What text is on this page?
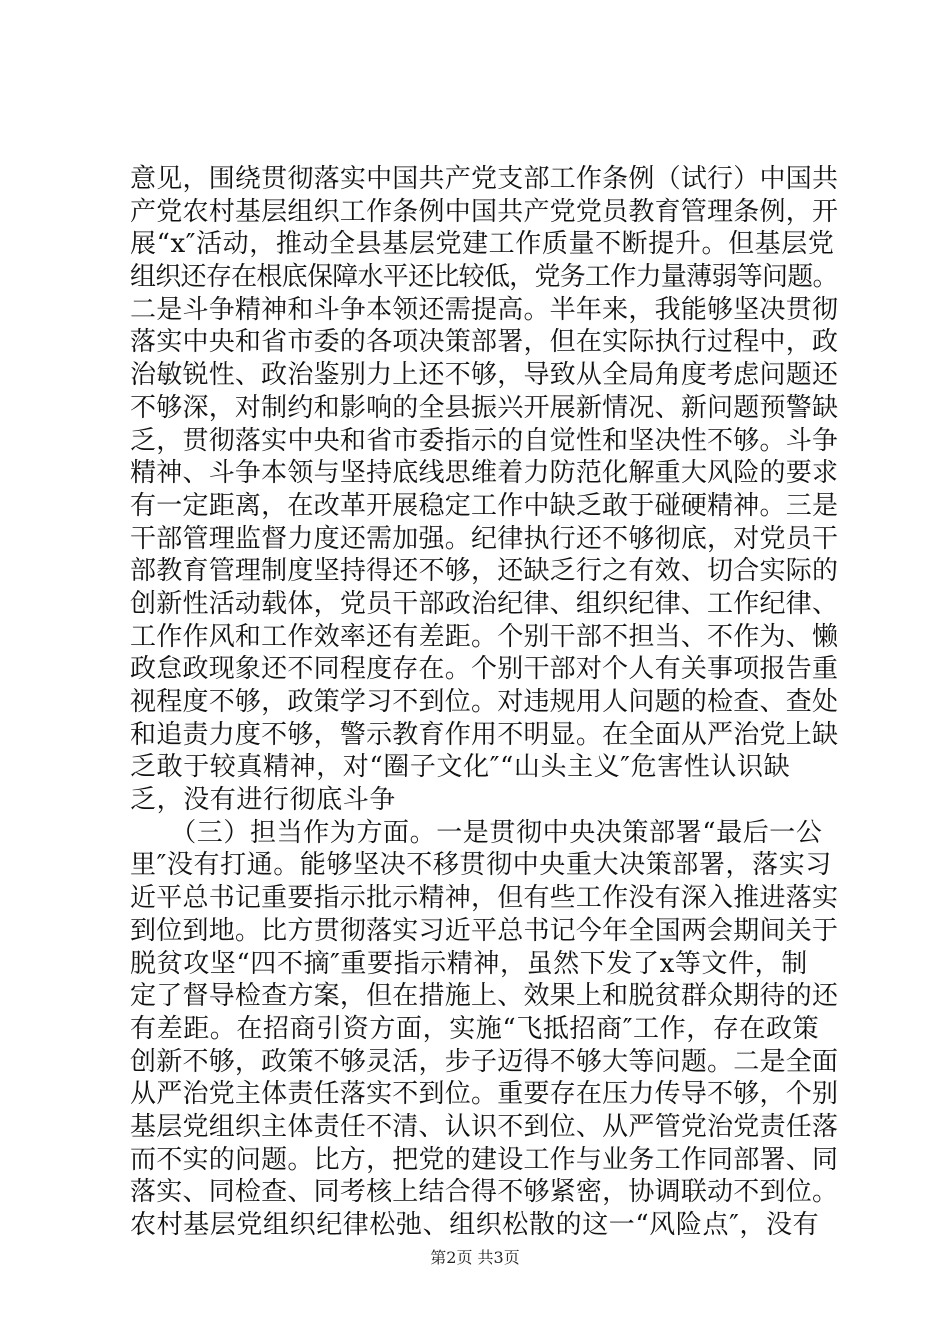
意见，围绕贯彻落实中国共产党支部工作条例（试行）中国共
产党农村基层组织工作条例中国共产党党员教育管理条例，开
展“x″活动，推动全县基层党建工作质量不断提升。但基层党
组织还存在根底保障水平还比较低，党务工作力量薄弱等问题。
二是斗争精神和斗争本领还需提高。半年来，我能够坚决贯彻
落实中央和省市委的各项决策部署，但在实际执行过程中，政
治敏锐性、政治鉴别力上还不够，导致从全局角度考虑问题还
不够深，对制约和影响的全县振兴开展新情况、新问题预警缺
乏，贯彻落实中央和省市委指示的自觉性和坚决性不够。斗争
精神、斗争本领与坚持底线思维着力防范化解重大风险的要求
有一定距离，在改革开展稳定工作中缺乏敢于碰硬精神。三是
干部管理监督力度还需加强。纪律执行还不够彻底，对党员干
部教育管理制度坚持得还不够，还缺乏行之有效、切合实际的
创新性活动载体，党员干部政治纪律、组织纪律、工作纪律、
工作作风和工作效率还有差距。个别干部不担当、不作为、懒
政怠政现象还不同程度存在。个别干部对个人有关事项报告重
视程度不够，政策学习不到位。对违规用人问题的检查、查处
和追责力度不够，警示教育作用不明显。在全面从严治党上缺
乏敢于较真精神，对“圈子文化″“山头主义″危害性认识缺
乏，没有进行彻底斗争
　　（三）担当作为方面。一是贯彻中央决策部署“最后一公
里″没有打通。能够坚决不移贯彻中央重大决策部署，落实习
近平总书记重要指示批示精神，但有些工作没有深入推进落实
到位到地。比方贯彻落实习近平总书记今年全国两会期间关于
脱贫攻坚“四不摘″重要指示精神，虽然下发了x等文件，制
定了督导检查方案，但在措施上、效果上和脱贫群众期待的还
有差距。在招商引资方面，实施“飞抵招商″工作，存在政策
创新不够，政策不够灵活，步子迈得不够大等问题。二是全面
从严治党主体责任落实不到位。重要存在压力传导不够，个别
基层党组织主体责任不清、认识不到位、从严管党治党责任落
而不实的问题。比方，把党的建设工作与业务工作同部署、同
落实、同检查、同考核上结合得不够紧密，协调联动不到位。
农村基层党组织纪律松弛、组织松散的这一“风险点″，没有
第2页 共3页
